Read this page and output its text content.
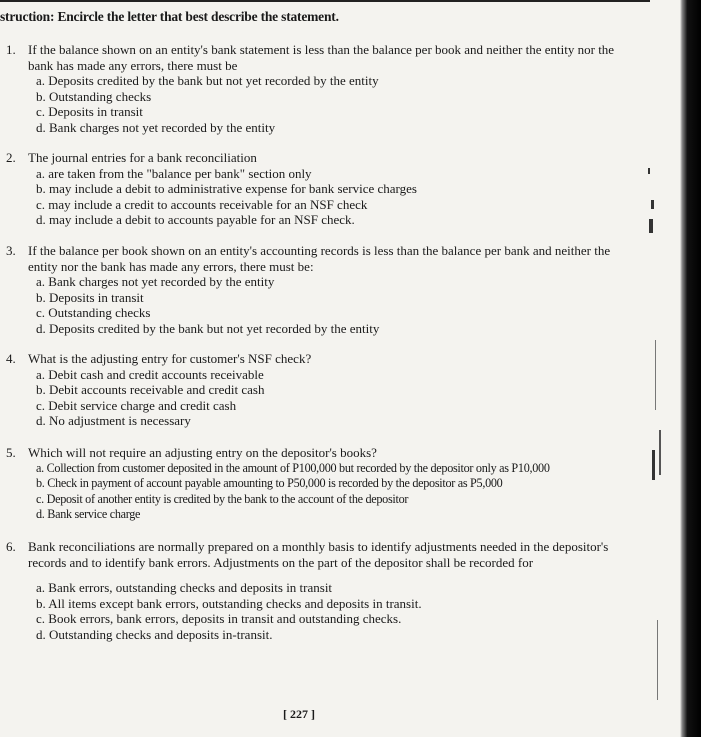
struction: Encircle the letter that best describe the statement.
1. If the balance shown on an entity's bank statement is less than the balance per book and neither the entity nor the bank has made any errors, there must be
a. Deposits credited by the bank but not yet recorded by the entity
b. Outstanding checks
c. Deposits in transit
d. Bank charges not yet recorded by the entity
2. The journal entries for a bank reconciliation
a. are taken from the "balance per bank" section only
b. may include a debit to administrative expense for bank service charges
c. may include a credit to accounts receivable for an NSF check
d. may include a debit to accounts payable for an NSF check.
3. If the balance per book shown on an entity's accounting records is less than the balance per bank and neither the entity nor the bank has made any errors, there must be:
a. Bank charges not yet recorded by the entity
b. Deposits in transit
c. Outstanding checks
d. Deposits credited by the bank but not yet recorded by the entity
4. What is the adjusting entry for customer's NSF check?
a. Debit cash and credit accounts receivable
b. Debit accounts receivable and credit cash
c. Debit service charge and credit cash
d. No adjustment is necessary
5. Which will not require an adjusting entry on the depositor's books?
a. Collection from customer deposited in the amount of P100,000 but recorded by the depositor only as P10,000
b. Check in payment of account payable amounting to P50,000 is recorded by the depositor as P5,000
c. Deposit of another entity is credited by the bank to the account of the depositor
d. Bank service charge
6. Bank reconciliations are normally prepared on a monthly basis to identify adjustments needed in the depositor's records and to identify bank errors. Adjustments on the part of the depositor shall be recorded for
a. Bank errors, outstanding checks and deposits in transit
b. All items except bank errors, outstanding checks and deposits in transit.
c. Book errors, bank errors, deposits in transit and outstanding checks.
d. Outstanding checks and deposits in-transit.
[ 227 ]
